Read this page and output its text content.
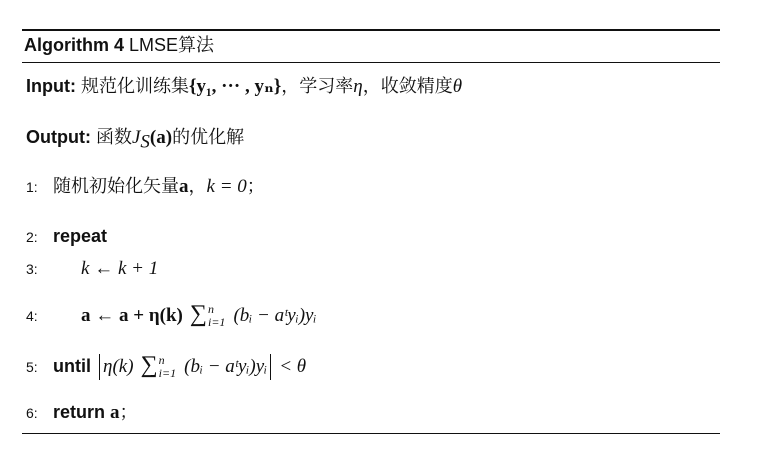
Algorithm 4 LMSE算法
Input: 规范化训练集{y₁, ··· , yₙ}，学习率η，收敛精度θ
Output: 函数$J_S(a)$的优化解
1: 随机初始化矢量a，k = 0；
2: repeat
3: k ← k + 1
4: a ← a + η(k) ∑ n
i=1 (bᵢ − aᵗyᵢ)yᵢ
5: until η(k) ∑ n
i=1 (bᵢ − aᵗyᵢ)yᵢ < θ
6: return a；
